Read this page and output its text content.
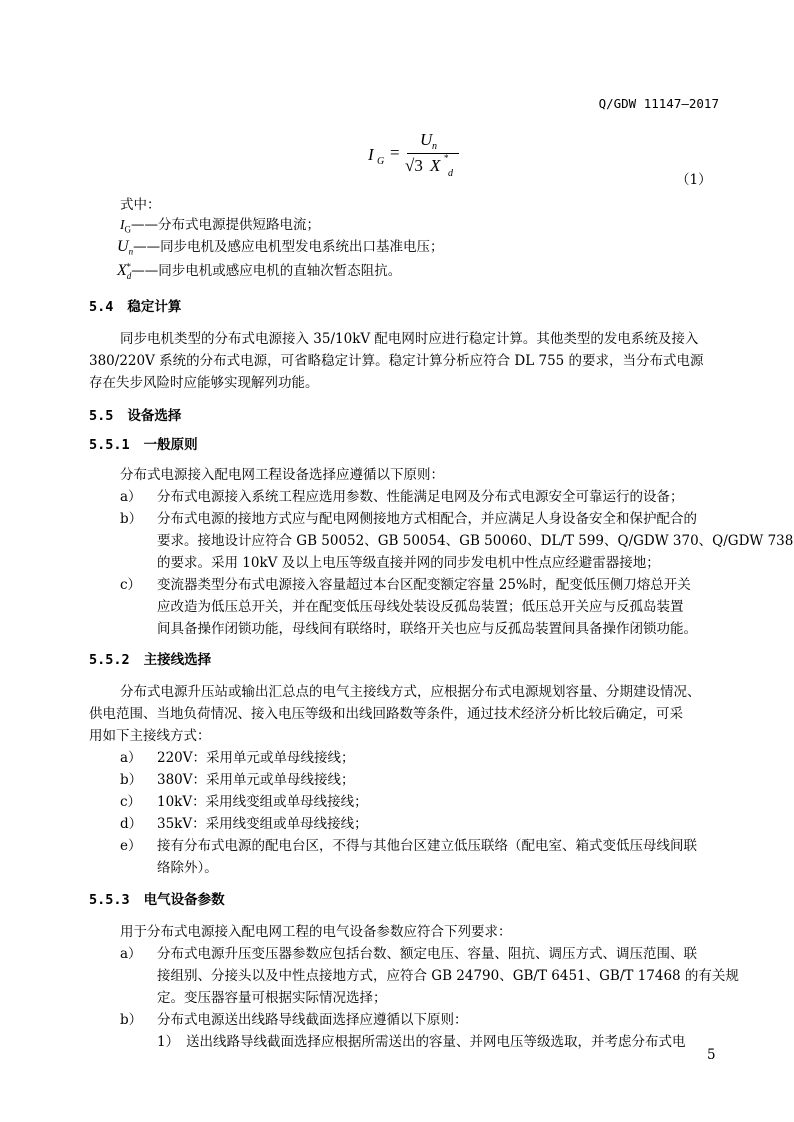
Q/GDW 11147—2017
I G =
U n
√3 X *
d	（1）
式中：
$I_G——$分布式电源提供短路电流；
$U_n——$同步电机及感应电机型发电系统出口基准电压；
$X^*_d——$同步电机或感应电机的直轴次暂态阻抗。
5.4 稳定计算
同步电机类型的分布式电源接入 35/10kV 配电网时应进行稳定计算。其他类型的发电系统及接入
380/220V 系统的分布式电源，可省略稳定计算。稳定计算分析应符合 DL 755 的要求，当分布式电源
存在失步风险时应能够实现解列功能。
5.5 设备选择
5.5.1 一般原则
分布式电源接入配电网工程设备选择应遵循以下原则：
a） 分布式电源接入系统工程应选用参数、性能满足电网及分布式电源安全可靠运行的设备；
b） 分布式电源的接地方式应与配电网侧接地方式相配合，并应满足人身设备安全和保护配合的
要求。接地设计应符合 GB 50052、GB 50054、GB 50060、DL/T 599、Q/GDW 370、Q/GDW 738
的要求。采用 10kV 及以上电压等级直接并网的同步发电机中性点应经避雷器接地；
c） 变流器类型分布式电源接入容量超过本台区配变额定容量 25%时，配变低压侧刀熔总开关
应改造为低压总开关，并在配变低压母线处装设反孤岛装置；低压总开关应与反孤岛装置
间具备操作闭锁功能，母线间有联络时，联络开关也应与反孤岛装置间具备操作闭锁功能。
5.5.2 主接线选择
分布式电源升压站或输出汇总点的电气主接线方式，应根据分布式电源规划容量、分期建设情况、
供电范围、当地负荷情况、接入电压等级和出线回路数等条件，通过技术经济分析比较后确定，可采
用如下主接线方式：
a） 220V：采用单元或单母线接线；
b） 380V：采用单元或单母线接线；
c） 10kV：采用线变组或单母线接线；
d） 35kV：采用线变组或单母线接线；
e） 接有分布式电源的配电台区，不得与其他台区建立低压联络（配电室、箱式变低压母线间联
络除外）。
5.5.3 电气设备参数
用于分布式电源接入配电网工程的电气设备参数应符合下列要求：
a） 分布式电源升压变压器参数应包括台数、额定电压、容量、阻抗、调压方式、调压范围、联
接组别、分接头以及中性点接地方式，应符合 GB 24790、GB/T 6451、GB/T 17468 的有关规
定。变压器容量可根据实际情况选择；
b） 分布式电源送出线路导线截面选择应遵循以下原则：
1） 送出线路导线截面选择应根据所需送出的容量、并网电压等级选取，并考虑分布式电
5
